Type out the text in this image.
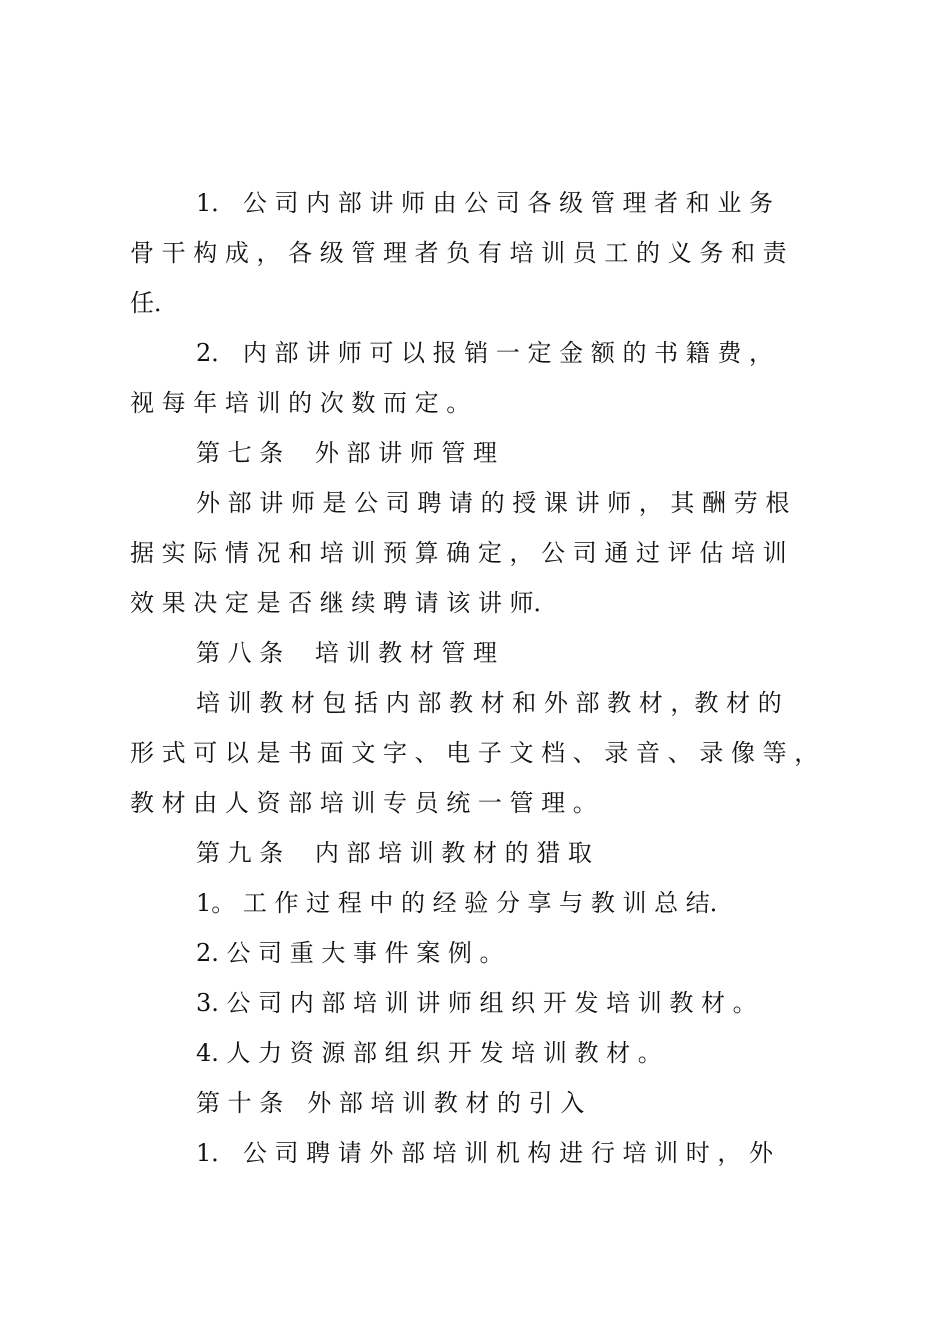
1． 公 司 内 部 讲 师 由 公 司 各 级 管 理 者 和 业 务
骨 干 构 成 ， 各 级 管 理 者 负 有 培 训 员 工 的 义 务 和 责
任．
2． 内 部 讲 师 可 以 报 销 一 定 金 额 的 书 籍 费 ，
视 每 年 培 训 的 次 数 而 定 。
第 七 条　 外 部 讲 师 管 理
外 部 讲 师 是 公 司 聘 请 的 授 课 讲 师 ， 其 酬 劳 根
据 实 际 情 况 和 培 训 预 算 确 定 ， 公 司 通 过 评 估 培 训
效 果 决 定 是 否 继 续 聘 请 该 讲 师．
第 八 条　 培 训 教 材 管 理
培 训 教 材 包 括 内 部 教 材 和 外 部 教 材 ，教 材 的
形 式 可 以 是 书 面 文 字 、 电 子 文 档 、 录 音 、 录 像 等 ，
教 材 由 人 资 部 培 训 专 员 统 一 管 理 。
第 九 条　 内 部 培 训 教 材 的 猎 取
1。 工 作 过 程 中 的 经 验 分 享 与 教 训 总 结．
2. 公 司 重 大 事 件 案 例 。
3. 公 司 内 部 培 训 讲 师 组 织 开 发 培 训 教 材 。
4. 人 力 资 源 部 组 织 开 发 培 训 教 材 。
第 十 条　外 部 培 训 教 材 的 引 入
1． 公 司 聘 请 外 部 培 训 机 构 进 行 培 训 时 ， 外
